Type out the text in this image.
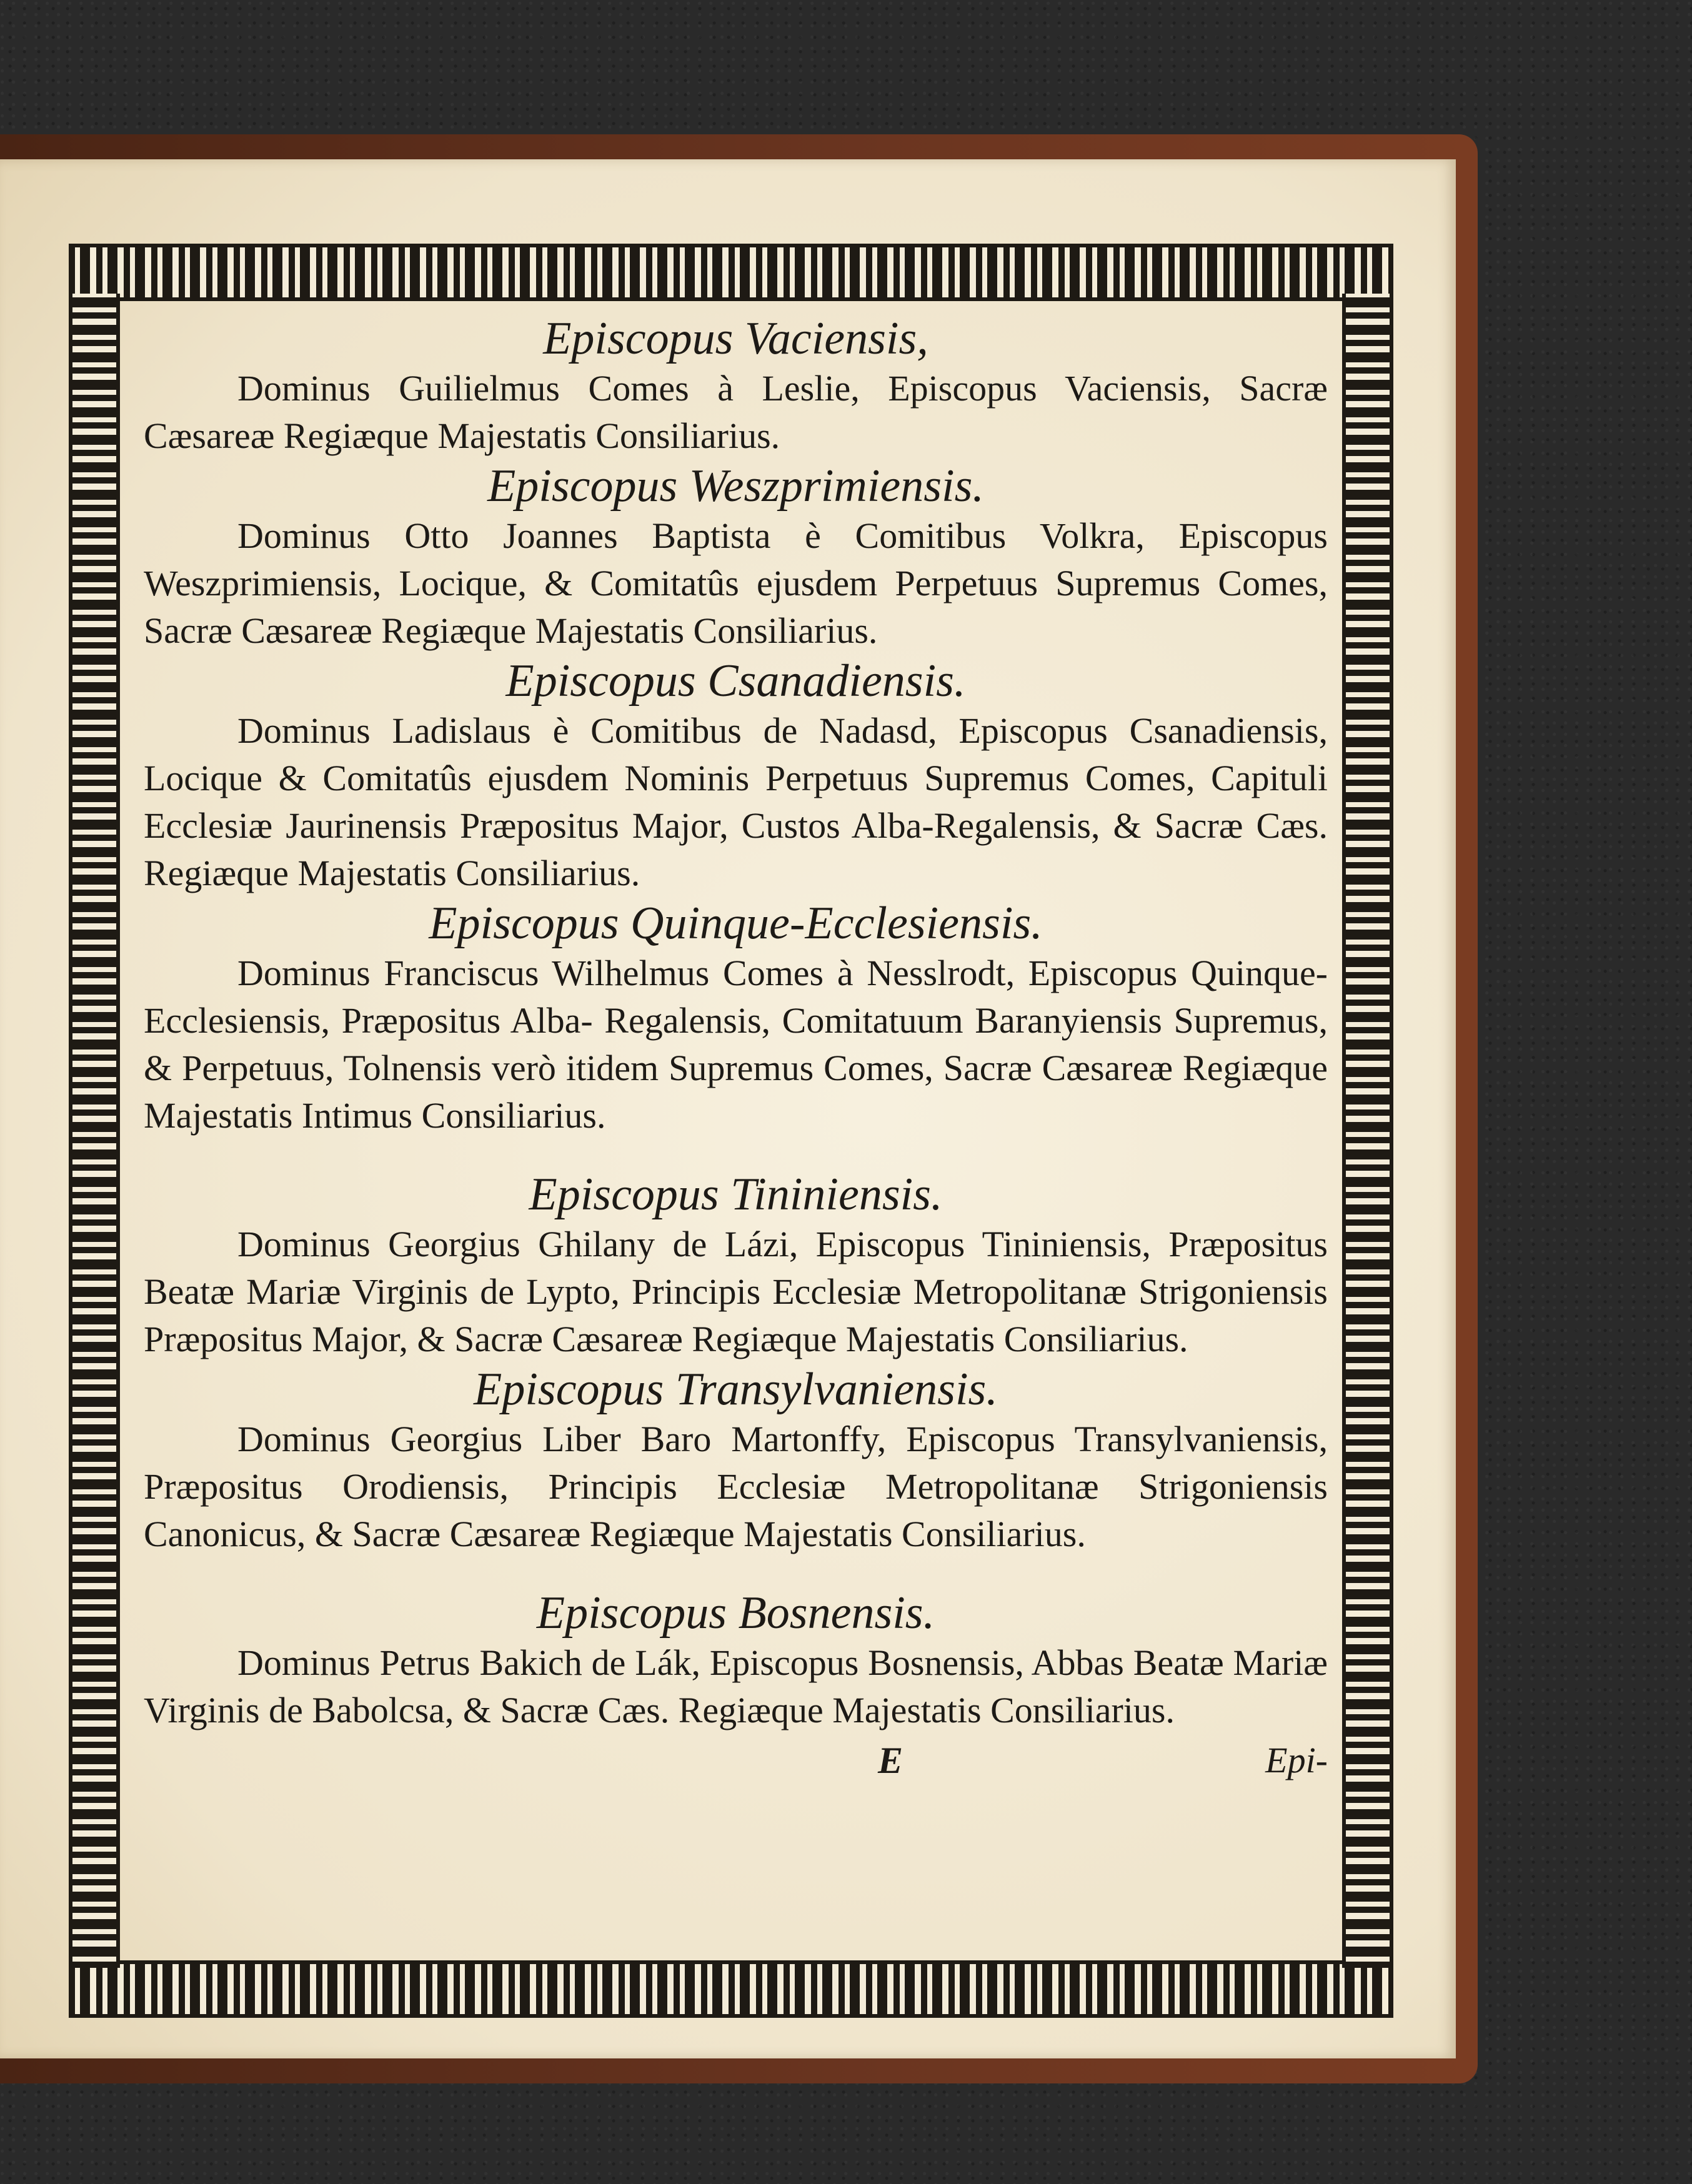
Episcopus Vaciensis,

Dominus Guilielmus Comes à Leslie, Episcopus Vaciensis, Sacræ Cæsareæ Regiæque Majestatis Consiliarius.

Episcopus Weszprimiensis.

Dominus Otto Joannes Baptista è Comitibus Volkra, Episcopus Weszprimiensis, Locique, & Comitatûs ejusdem Perpetuus Supremus Comes, Sacræ Cæsareæ Regiæque Majestatis Consiliarius.

Episcopus Csanadiensis.

Dominus Ladislaus è Comitibus de Nadasd, Episcopus Csanadiensis, Locique & Comitatûs ejusdem Nominis Perpetuus Supremus Comes, Capituli Ecclesiæ Jaurinensis Præpositus Major, Custos Alba-Regalensis, & Sacræ Cæs. Regiæque Majestatis Consiliarius.

Episcopus Quinque-Ecclesiensis.

Dominus Franciscus Wilhelmus Comes à Nesslrodt, Episcopus Quinque-Ecclesiensis, Præpositus Alba- Regalensis, Comitatuum Baranyiensis Supremus, & Perpetuus, Tolnensis verò itidem Supremus Comes, Sacræ Cæsareæ Regiæque Majestatis Intimus Consiliarius.

Episcopus Tininiensis.

Dominus Georgius Ghilany de Lázi, Episcopus Tininiensis, Præpositus Beatæ Mariæ Virginis de Lypto, Principis Ecclesiæ Metropolitanæ Strigoniensis Præpositus Major, & Sacræ Cæsareæ Regiæque Majestatis Consiliarius.

Episcopus Transylvaniensis.

Dominus Georgius Liber Baro Martonffy, Episcopus Transylvaniensis, Præpositus Orodiensis, Principis Ecclesiæ Metropolitanæ Strigoniensis Canonicus, & Sacræ Cæsareæ Regiæque Majestatis Consiliarius.

Episcopus Bosnensis.

Dominus Petrus Bakich de Lák, Episcopus Bosnensis, Abbas Beatæ Mariæ Virginis de Babolcsa, & Sacræ Cæs. Regiæque Majestatis Consiliarius.

E	Epi-
